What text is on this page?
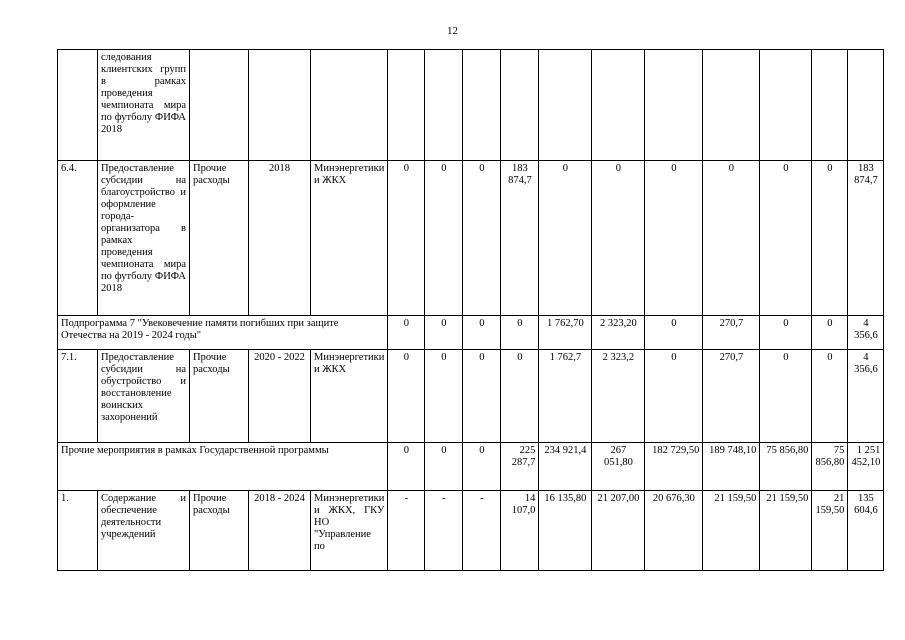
12
	следования клиентских групп в рамках проведения чемпионата мира по футболу ФИФА 2018														
6.4.	Предоставление субсидии на благоустройство и оформление города-организатора в рамках проведения чемпионата мира по футболу ФИФА 2018	Прочие расходы	2018	Минэнергетики и ЖКХ	0	0	0	183 874,7	0	0	0	0	0	0	183 874,7
Подпрограмма 7 "Увековечение памяти погибших при защите Отечества на 2019 - 2024 годы"					0	0	0	0	1 762,70	2 323,20	0	270,7	0	0	4 356,6
7.1.	Предоставление субсидии на обустройство и восстановление воинских захоронений	Прочие расходы	2020 - 2022	Минэнергетики и ЖКХ	0	0	0	0	1 762,7	2 323,2	0	270,7	0	0	4 356,6
Прочие мероприятия в рамках Государственной программы					0	0	0	225 287,7	234 921,4	267 051,80	182 729,50	189 748,10	75 856,80	75 856,80	1 251 452,10
1.	Содержание и обеспечение деятельности учреждений	Прочие расходы	2018 - 2024	Минэнергетики и ЖКХ, ГКУ НО "Управление по	-	-	-	14 107,0	16 135,80	21 207,00	20 676,30	21 159,50	21 159,50	21 159,50	135 604,6
